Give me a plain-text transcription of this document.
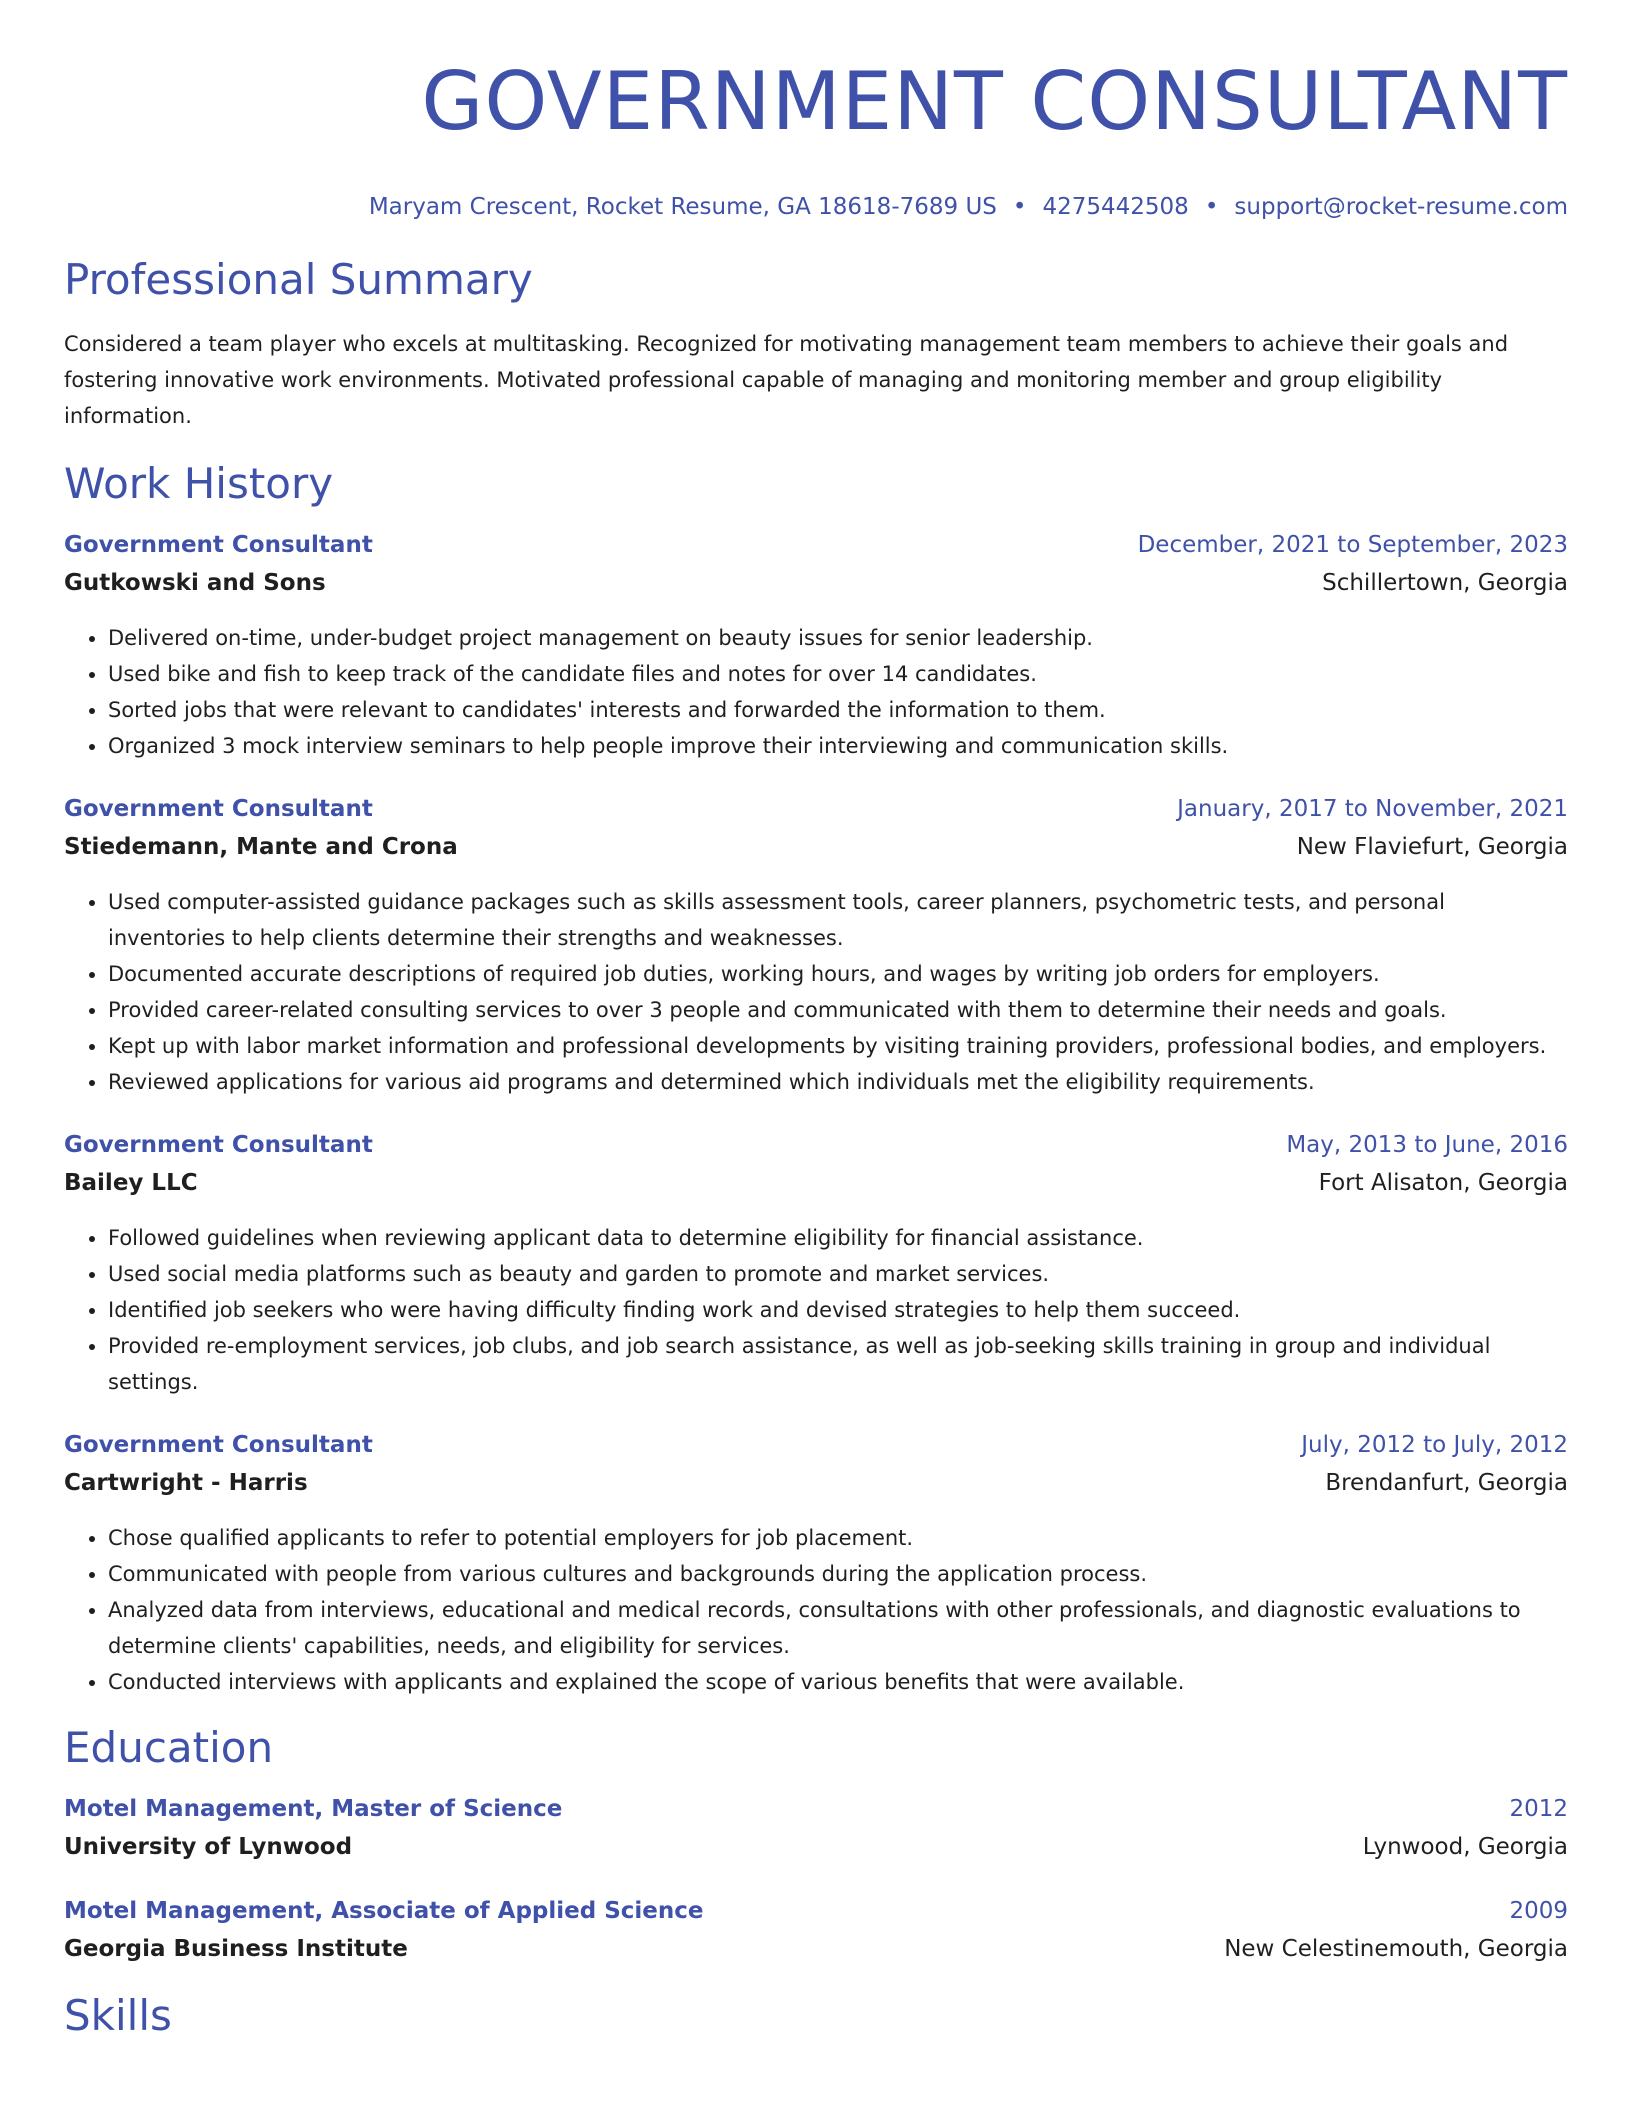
GOVERNMENT CONSULTANT
Maryam Crescent, Rocket Resume, GA 18618-7689 US • 4275442508 • support@rocket-resume.com
Professional Summary

Considered a team player who excels at multitasking. Recognized for motivating management team members to achieve their goals and fostering innovative work environments. Motivated professional capable of managing and monitoring member and group eligibility information.

Work History
Government Consultant	December, 2021 to September, 2023
Gutkowski and Sons	Schillertown, Georgia
• Delivered on-time, under-budget project management on beauty issues for senior leadership.
• Used bike and fish to keep track of the candidate files and notes for over 14 candidates.
• Sorted jobs that were relevant to candidates' interests and forwarded the information to them.
• Organized 3 mock interview seminars to help people improve their interviewing and communication skills.
Government Consultant	January, 2017 to November, 2021
Stiedemann, Mante and Crona	New Flaviefurt, Georgia
• Used computer-assisted guidance packages such as skills assessment tools, career planners, psychometric tests, and personal inventories to help clients determine their strengths and weaknesses.
• Documented accurate descriptions of required job duties, working hours, and wages by writing job orders for employers.
• Provided career-related consulting services to over 3 people and communicated with them to determine their needs and goals.
• Kept up with labor market information and professional developments by visiting training providers, professional bodies, and employers.
• Reviewed applications for various aid programs and determined which individuals met the eligibility requirements.
Government Consultant	May, 2013 to June, 2016
Bailey LLC	Fort Alisaton, Georgia
• Followed guidelines when reviewing applicant data to determine eligibility for financial assistance.
• Used social media platforms such as beauty and garden to promote and market services.
• Identified job seekers who were having difficulty finding work and devised strategies to help them succeed.
• Provided re-employment services, job clubs, and job search assistance, as well as job-seeking skills training in group and individual settings.
Government Consultant	July, 2012 to July, 2012
Cartwright - Harris	Brendanfurt, Georgia
• Chose qualified applicants to refer to potential employers for job placement.
• Communicated with people from various cultures and backgrounds during the application process.
• Analyzed data from interviews, educational and medical records, consultations with other professionals, and diagnostic evaluations to determine clients' capabilities, needs, and eligibility for services.
• Conducted interviews with applicants and explained the scope of various benefits that were available.
Education
Motel Management, Master of Science	2012
University of Lynwood	Lynwood, Georgia
Motel Management, Associate of Applied Science	2009
Georgia Business Institute	New Celestinemouth, Georgia
Skills
